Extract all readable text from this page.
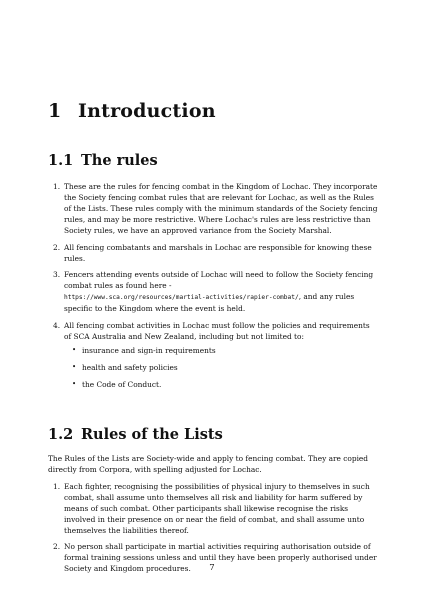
1 Introduction
1.1 The rules
1. These are the rules for fencing combat in the Kingdom of Lochac. They incorporate the Society fencing combat rules that are relevant for Lochac, as well as the Rules of the Lists. These rules comply with the minimum standards of the Society fencing rules, and may be more restrictive. Where Lochac's rules are less restrictive than Society rules, we have an approved variance from the Society Marshal.
2. All fencing combatants and marshals in Lochac are responsible for knowing these rules.
3. Fencers attending events outside of Lochac will need to follow the Society fencing combat rules as found here -
https://www.sca.org/resources/martial-activities/rapier-combat/, and any rules specific to the Kingdom where the event is held.
4. All fencing combat activities in Lochac must follow the policies and requirements of SCA Australia and New Zealand, including but not limited to:
• insurance and sign-in requirements
• health and safety policies
• the Code of Conduct.
1.2 Rules of the Lists

The Rules of the Lists are Society-wide and apply to fencing combat. They are copied directly from Corpora, with spelling adjusted for Lochac.

1. Each fighter, recognising the possibilities of physical injury to themselves in such combat, shall assume unto themselves all risk and liability for harm suffered by means of such combat. Other participants shall likewise recognise the risks involved in their presence on or near the field of combat, and shall assume unto themselves the liabilities thereof.
2. No person shall participate in martial activities requiring authorisation outside of formal training sessions unless and until they have been properly authorised under Society and Kingdom procedures.	7
